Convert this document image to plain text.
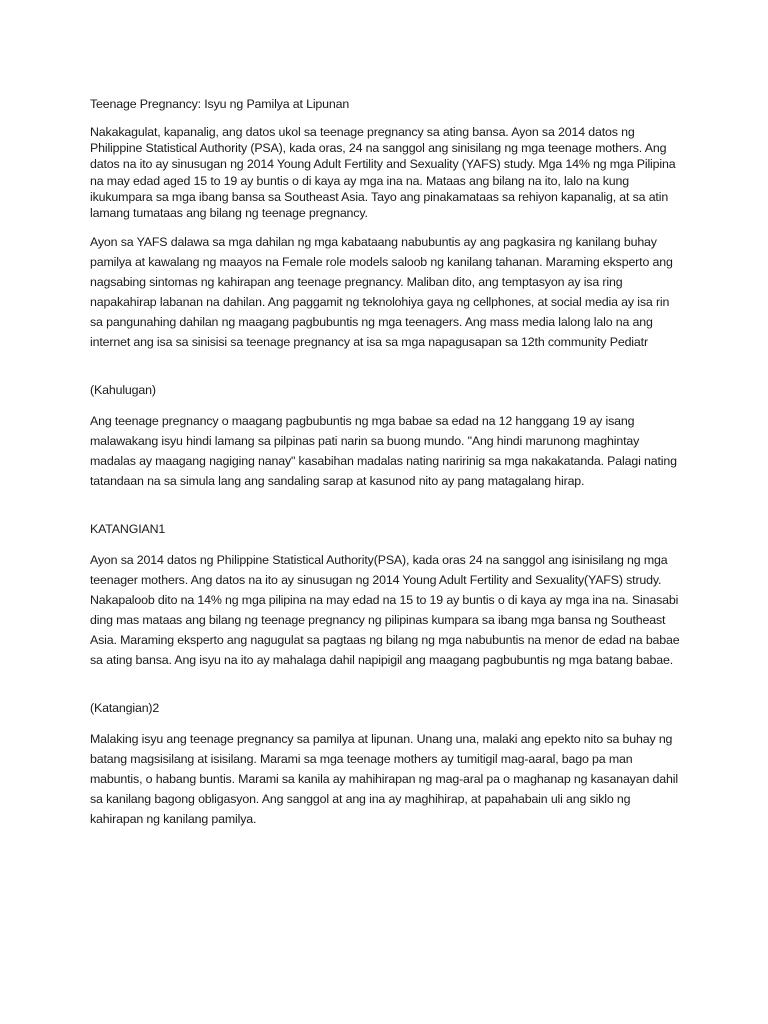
Teenage Pregnancy: Isyu ng Pamilya at Lipunan

Nakakagulat, kapanalig, ang datos ukol sa teenage pregnancy sa ating bansa. Ayon sa 2014 datos ng Philippine Statistical Authority (PSA), kada oras, 24 na sanggol ang sinisilang ng mga teenage mothers. Ang datos na ito ay sinusugan ng 2014 Young Adult Fertility and Sexuality (YAFS) study. Mga 14% ng mga Pilipina na may edad aged 15 to 19 ay buntis o di kaya ay mga ina na. Mataas ang bilang na ito, lalo na kung ikukumpara sa mga ibang bansa sa Southeast Asia. Tayo ang pinakamataas sa rehiyon kapanalig, at sa atin lamang tumataas ang bilang ng teenage pregnancy.

Ayon sa YAFS dalawa sa mga dahilan ng mga kabataang nabubuntis ay ang pagkasira ng kanilang buhay pamilya at kawalang ng maayos na Female role models saloob ng kanilang tahanan. Maraming eksperto ang nagsabing sintomas ng kahirapan ang teenage pregnancy. Maliban dito, ang temptasyon ay isa ring napakahirap labanan na dahilan. Ang paggamit ng teknolohiya gaya ng cellphones, at social media ay isa rin sa pangunahing dahilan ng maagang pagbubuntis ng mga teenagers. Ang mass media lalong lalo na ang internet ang isa sa sinisisi sa teenage pregnancy at isa sa mga napagusapan sa 12th community Pediatr

(Kahulugan)

Ang teenage pregnancy o maagang pagbubuntis ng mga babae sa edad na 12 hanggang 19 ay isang malawakang isyu hindi lamang sa pilpinas pati narin sa buong mundo. "Ang hindi marunong maghintay madalas ay maagang nagiging nanay" kasabihan madalas nating naririnig sa mga nakakatanda. Palagi nating tatandaan na sa simula lang ang sandaling sarap at kasunod nito ay pang matagalang hirap.

KATANGIAN1

Ayon sa 2014 datos ng Philippine Statistical Authority(PSA), kada oras 24 na sanggol ang isinisilang ng mga teenager mothers. Ang datos na ito ay sinusugan ng 2014 Young Adult Fertility and Sexuality(YAFS) strudy. Nakapaloob dito na 14% ng mga pilipina na may edad na 15 to 19 ay buntis o di kaya ay mga ina na. Sinasabi ding mas mataas ang bilang ng teenage pregnancy ng pilipinas kumpara sa ibang mga bansa ng Southeast Asia. Maraming eksperto ang nagugulat sa pagtaas ng bilang ng mga nabubuntis na menor de edad na babae sa ating bansa. Ang isyu na ito ay mahalaga dahil napipigil ang maagang pagbubuntis ng mga batang babae.

(Katangian)2

Malaking isyu ang teenage pregnancy sa pamilya at lipunan. Unang una, malaki ang epekto nito sa buhay ng batang magsisilang at isisilang. Marami sa mga teenage mothers ay tumitigil mag-aaral, bago pa man mabuntis, o habang buntis. Marami sa kanila ay mahihirapan ng mag-aral pa o maghanap ng kasanayan dahil sa kanilang bagong obligasyon. Ang sanggol at ang ina ay maghihirap, at papahabain uli ang siklo ng kahirapan ng kanilang pamilya.
